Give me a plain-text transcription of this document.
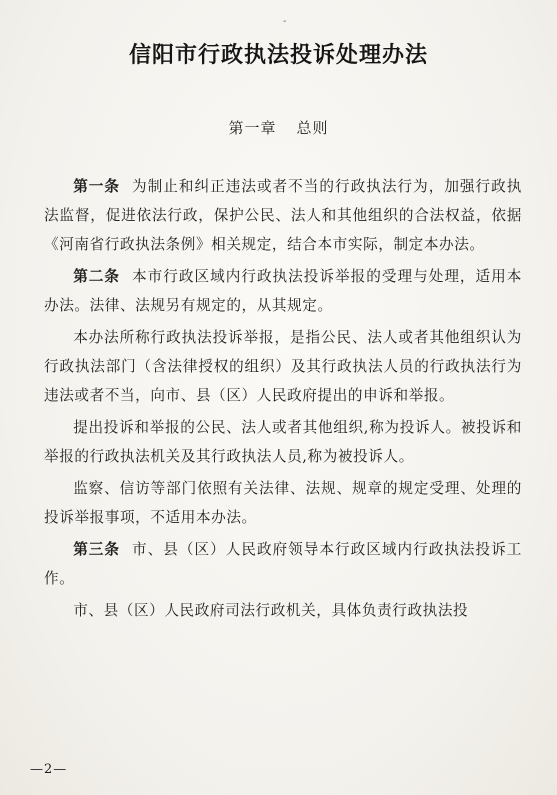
-
信阳市行政执法投诉处理办法
第一章 总则

第一条 为制止和纠正违法或者不当的行政执法行为，加强行政执法监督，促进依法行政，保护公民、法人和其他组织的合法权益，依据《河南省行政执法条例》相关规定，结合本市实际，制定本办法。

第二条 本市行政区域内行政执法投诉举报的受理与处理，适用本办法。法律、法规另有规定的，从其规定。

本办法所称行政执法投诉举报，是指公民、法人或者其他组织认为行政执法部门（含法律授权的组织）及其行政执法人员的行政执法行为违法或者不当，向市、县（区）人民政府提出的申诉和举报。

提出投诉和举报的公民、法人或者其他组织,称为投诉人。被投诉和举报的行政执法机关及其行政执法人员,称为被投诉人。

监察、信访等部门依照有关法律、法规、规章的规定受理、处理的投诉举报事项，不适用本办法。

第三条 市、县（区）人民政府领导本行政区域内行政执法投诉工作。

市、县（区）人民政府司法行政机关，具体负责行政执法投

—2—
